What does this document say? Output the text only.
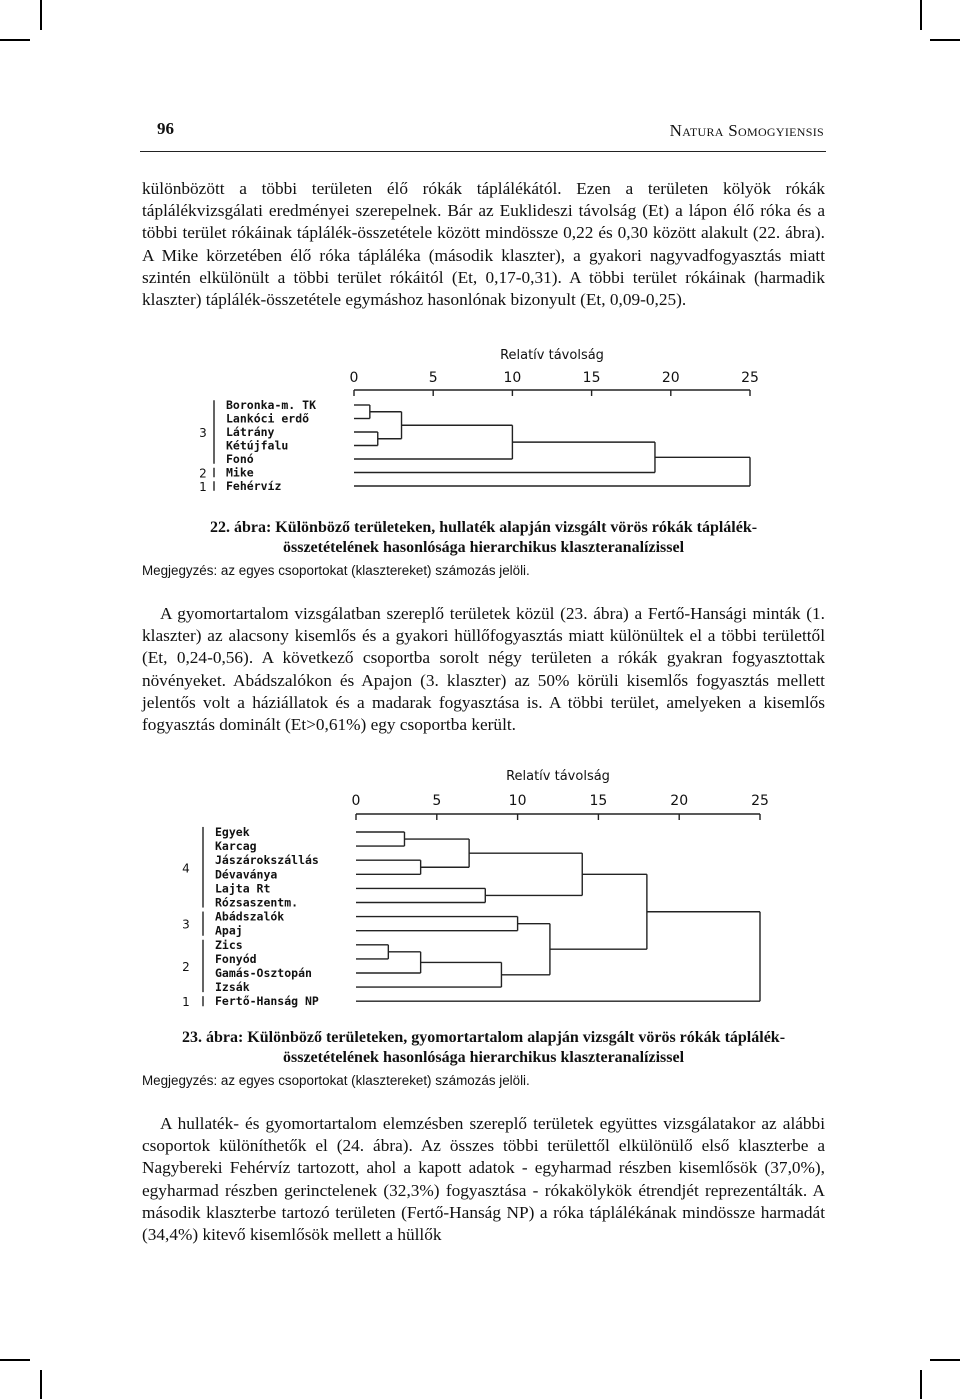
96	Natura Somogyiensis

különbözött a többi területen élő rókák táplálékától. Ezen a területen kölyök rókák táplálékvizsgálati eredményei szerepelnek. Bár az Euklideszi távolság (Et) a lápon élő róka és a többi terület rókáinak táplálék-összetétele között mindössze 0,22 és 0,30 között alakult (22. ábra). A Mike körzetében élő róka tápláléka (második klaszter), a gyakori nagyvadfogyasztás miatt szintén elkülönült a többi terület rókáitól (Et, 0,17-0,31). A többi terület rókáinak (harmadik klaszter) táplálék-összetétele egymáshoz hasonlónak bizonyult (Et, 0,09-0,25).

Relatív távolság
0	5	10	15	20	25
Boronka-m. TK
Lankóci erdő
Látrány
Kétújfalu
Fonó
Mike
Fehérvíz
3
2
1
22. ábra: Különböző területeken, hullaték alapján vizsgált vörös rókák táplálék-
összetételének hasonlósága hierarchikus klaszteranalízissel
Megjegyzés: az egyes csoportokat (klasztereket) számozás jelöli.

A gyomortartalom vizsgálatban szereplő területek közül (23. ábra) a Fertő-Hansági minták (1. klaszter) az alacsony kisemlős és a gyakori hüllőfogyasztás miatt különültek el a többi területtől (Et, 0,24-0,56). A következő csoportba sorolt négy területen a rókák gyakran fogyasztottak növényeket. Abádszalókon és Apajon (3. klaszter) az 50% körüli kisemlős fogyasztás mellett jelentős volt a háziállatok és a madarak fogyasztása is. A többi terület, amelyeken a kisemlős fogyasztás dominált (Et>0,61%) egy csoportba került.

Relatív távolság
0	5	10	15	20	25
Egyek
Karcag
Jászárokszállás
Dévaványa
Lajta Rt
Rózsaszentm.
Abádszalók
Apaj
Zics
Fonyód
Gamás-Osztopán
Izsák
Fertő-Hanság NP
4
3
2
1
23. ábra: Különböző területeken, gyomortartalom alapján vizsgált vörös rókák táplálék-
összetételének hasonlósága hierarchikus klaszteranalízissel
Megjegyzés: az egyes csoportokat (klasztereket) számozás jelöli.

A hullaték- és gyomortartalom elemzésben szereplő területek együttes vizsgálatakor az alábbi csoportok különíthetők el (24. ábra). Az összes többi területtől elkülönülő első klaszterbe a Nagybereki Fehérvíz tartozott, ahol a kapott adatok - egyharmad részben kisemlősök (37,0%), egyharmad részben gerinctelenek (32,3%) fogyasztása - rókakölykök étrendjét reprezentálták. A második klaszterbe tartozó területen (Fertő-Hanság NP) a róka táplálékának mindössze harmadát (34,4%) kitevő kisemlősök mellett a hüllők
